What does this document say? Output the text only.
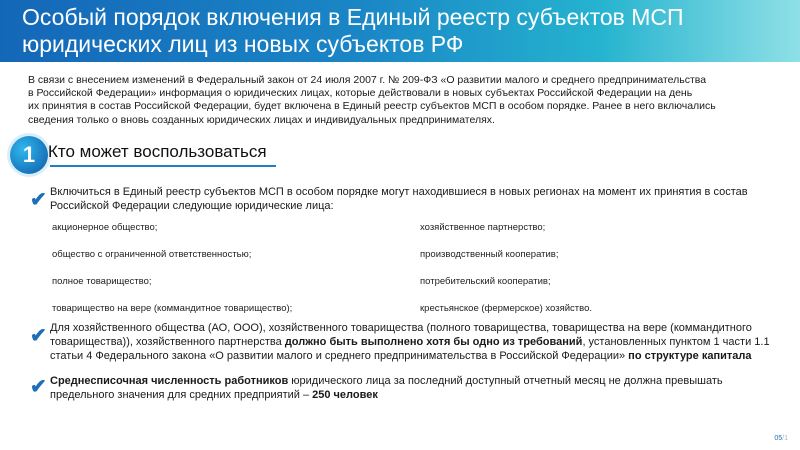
Особый порядок включения в Единый реестр субъектов МСП юридических лиц из новых субъектов РФ

В связи с внесением изменений в Федеральный закон от 24 июля 2007 г. № 209-ФЗ «О развитии малого и среднего предпринимательства
в Российской Федерации» информация о юридических лицах, которые действовали в новых субъектах Российской Федерации на день
их принятия в состав Российской Федерации, будет включена в Единый реестр субъектов МСП в особом порядке. Ранее в него включались
сведения только о вновь созданных юридических лицах и индивидуальных предпринимателях.

1 Кто может воспользоваться
✔ Включиться в Единый реестр субъектов МСП в особом порядке могут находившиеся в новых регионах на момент их принятия в состав Российской Федерации следующие юридические лица:

акционерное общество;
общество с ограниченной ответственностью;
полное товарищество;
товарищество на вере (коммандитное товарищество);
хозяйственное партнерство;
производственный кооператив;
потребительский кооператив;
крестьянское (фермерское) хозяйство.
✔ Для хозяйственного общества (АО, ООО), хозяйственного товарищества (полного товарищества, товарищества на вере (коммандитного товарищества)), хозяйственного партнерства должно быть выполнено хотя бы одно из требований, установленных пунктом 1 части 1.1 статьи 4 Федерального закона «О развитии малого и среднего предпринимательства в Российской Федерации» по структуре капитала

✔ Среднесписочная численность работников юридического лица за последний доступный отчетный месяц не должна превышать предельного значения для средних предприятий – 250 человек

05/1
